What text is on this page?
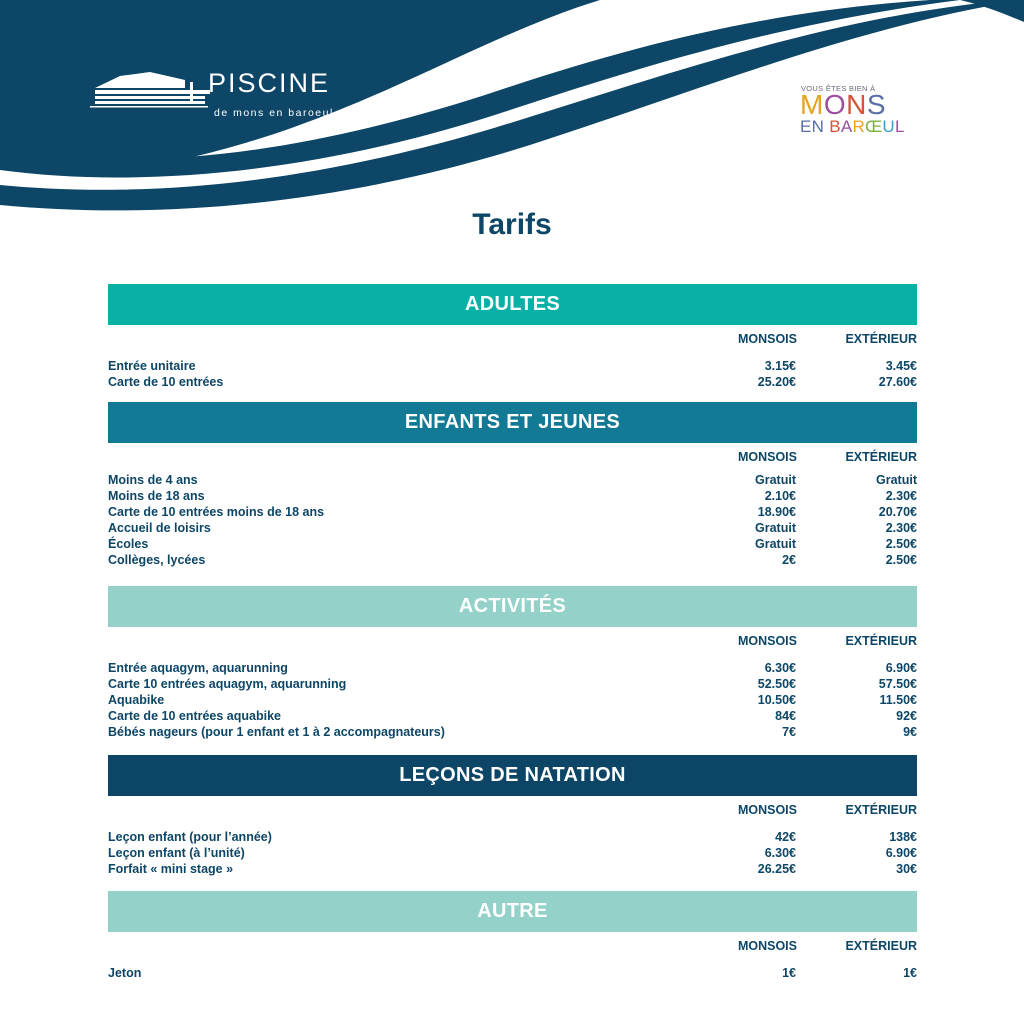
PISCINE
de mons en baroeul
VOUS ÊTES BIEN À
MONS
EN BARŒUL
Tarifs
ADULTES
MONSOIS	EXTÉRIEUR
Entrée unitaire	3.15€	3.45€
Carte de 10 entrées	25.20€	27.60€
ENFANTS ET JEUNES
MONSOIS	EXTÉRIEUR
Moins de 4 ans	Gratuit	Gratuit
Moins de 18 ans	2.10€	2.30€
Carte de 10 entrées moins de 18 ans	18.90€	20.70€
Accueil de loisirs	Gratuit	2.30€
Écoles	Gratuit	2.50€
Collèges, lycées	2€	2.50€
ACTIVITÉS
MONSOIS	EXTÉRIEUR
Entrée aquagym, aquarunning	6.30€	6.90€
Carte 10 entrées aquagym, aquarunning	52.50€	57.50€
Aquabike	10.50€	11.50€
Carte de 10 entrées aquabike	84€	92€
Bébés nageurs (pour 1 enfant et 1 à 2 accompagnateurs)	7€	9€
LEÇONS DE NATATION
MONSOIS	EXTÉRIEUR
Leçon enfant (pour l’année)	42€	138€
Leçon enfant (à l’unité)	6.30€	6.90€
Forfait « mini stage »	26.25€	30€
AUTRE
MONSOIS	EXTÉRIEUR
Jeton	1€	1€
